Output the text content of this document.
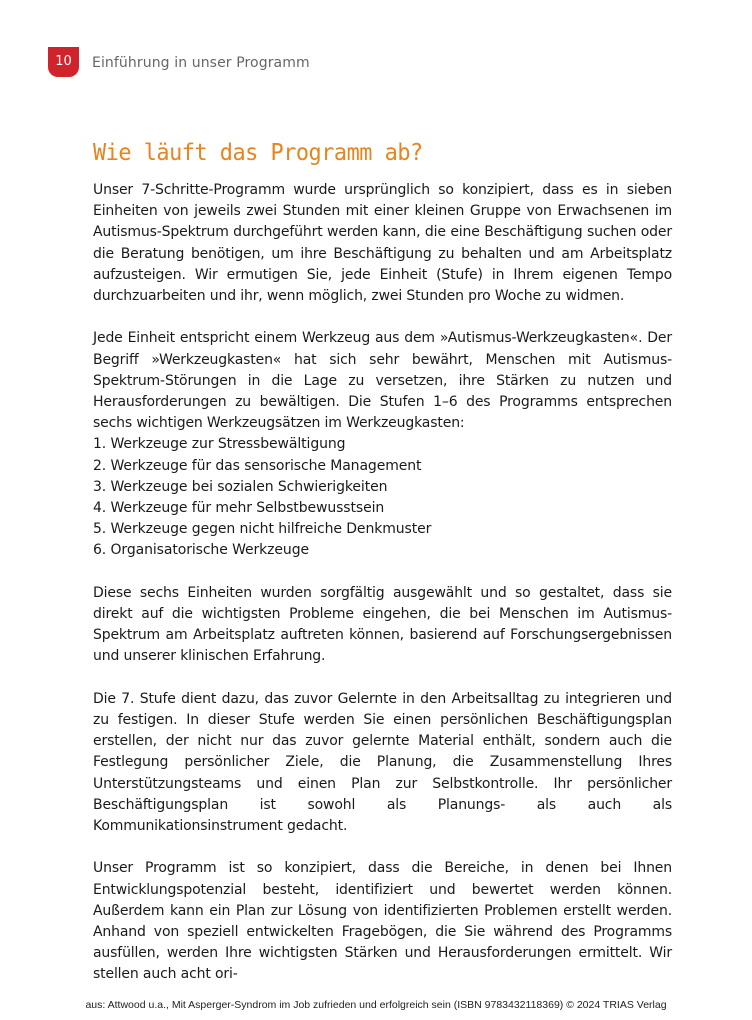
10	Einführung in unser Programm
Wie läuft das Programm ab?

Unser 7-Schritte-Programm wurde ursprünglich so konzipiert, dass es in sieben Einheiten von jeweils zwei Stunden mit einer kleinen Gruppe von Erwachsenen im Autismus-Spektrum durchgeführt werden kann, die eine Beschäftigung suchen oder die Beratung benötigen, um ihre Beschäftigung zu behalten und am Arbeitsplatz aufzusteigen. Wir ermutigen Sie, jede Einheit (Stufe) in Ihrem eigenen Tempo durchzuarbeiten und ihr, wenn möglich, zwei Stunden pro Woche zu widmen.

Jede Einheit entspricht einem Werkzeug aus dem »Autismus-Werkzeugkasten«. Der Begriff »Werkzeugkasten« hat sich sehr bewährt, Menschen mit Autismus-Spektrum-Störungen in die Lage zu versetzen, ihre Stärken zu nutzen und Herausforderungen zu bewältigen. Die Stufen 1–6 des Programms entsprechen sechs wichtigen Werkzeugsätzen im Werkzeugkasten:

1. Werkzeuge zur Stressbewältigung
2. Werkzeuge für das sensorische Management
3. Werkzeuge bei sozialen Schwierigkeiten
4. Werkzeuge für mehr Selbstbewusstsein
5. Werkzeuge gegen nicht hilfreiche Denkmuster
6. Organisatorische Werkzeuge

Diese sechs Einheiten wurden sorgfältig ausgewählt und so gestaltet, dass sie direkt auf die wichtigsten Probleme eingehen, die bei Menschen im Autismus-Spektrum am Arbeitsplatz auftreten können, basierend auf Forschungsergebnissen und unserer klinischen Erfahrung.

Die 7. Stufe dient dazu, das zuvor Gelernte in den Arbeitsalltag zu integrieren und zu festigen. In dieser Stufe werden Sie einen persönlichen Beschäftigungsplan erstellen, der nicht nur das zuvor gelernte Material enthält, sondern auch die Festlegung persönlicher Ziele, die Planung, die Zusammenstellung Ihres Unterstützungsteams und einen Plan zur Selbstkontrolle. Ihr persönlicher Beschäftigungsplan ist sowohl als Planungs- als auch als Kommunikationsinstrument gedacht.

Unser Programm ist so konzipiert, dass die Bereiche, in denen bei Ihnen Entwicklungspotenzial besteht, identifiziert und bewertet werden können. Außerdem kann ein Plan zur Lösung von identifizierten Problemen erstellt werden. Anhand von speziell entwickelten Fragebögen, die Sie während des Programms ausfüllen, werden Ihre wichtigsten Stärken und Herausforderungen ermittelt. Wir stellen auch acht ori-

aus: Attwood u.a., Mit Asperger-Syndrom im Job zufrieden und erfolgreich sein (ISBN 9783432118369) © 2024 TRIAS Verlag
